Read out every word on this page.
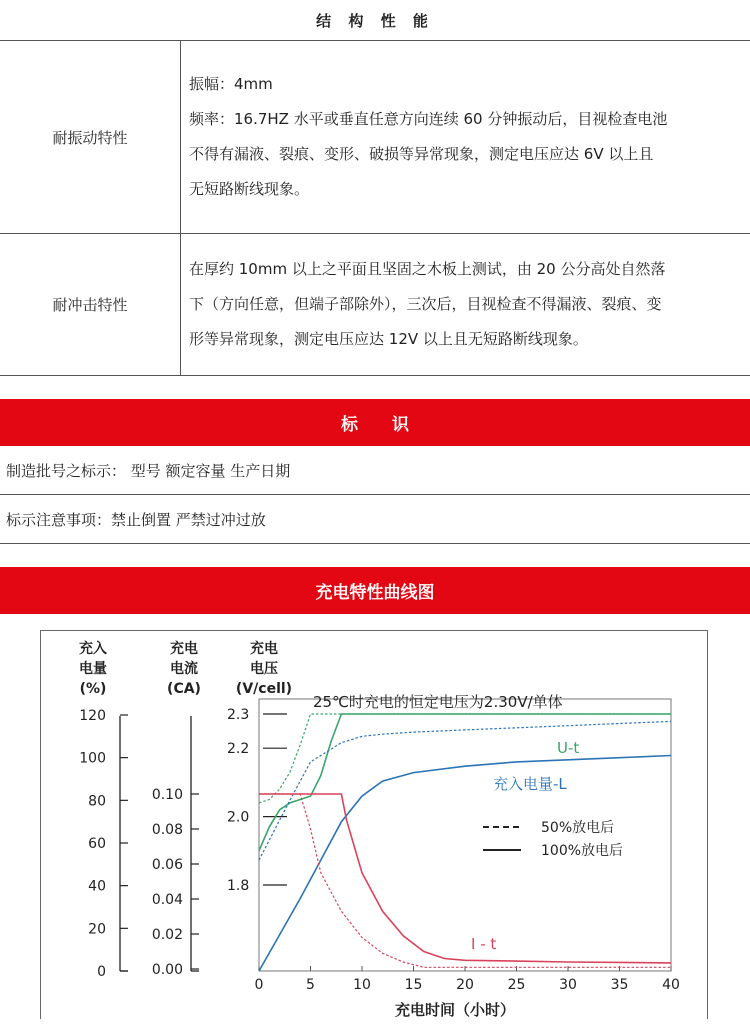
结 构 性 能
耐振动特性	振幅：4mm
频率：16.7HZ 水平或垂直任意方向连续 60 分钟振动后，目视检查电池
不得有漏液、裂痕、变形、破损等异常现象，测定电压应达 6V 以上且
无短路断线现象。

耐冲击特性	在厚约 10mm 以上之平面且坚固之木板上测试，由 20 公分高处自然落
下（方向任意，但端子部除外），三次后，目视检查不得漏液、裂痕、变
形等异常现象，测定电压应达 12V 以上且无短路断线现象。
标　　识
制造批号之标示： 型号 额定容量 生产日期
标示注意事项：禁止倒置 严禁过冲过放
充电特性曲线图
充入
电量
(%)
充电
电流
(CA)
充电
电压
(V/cell)
120
100
80
60
40
20
0
0.10
0.08
0.06
0.04
0.02
0.00
2.3
2.2
2.0
1.8
0	5	10 15 20 25 30 35 40
充电时间（小时）
25℃时充电的恒定电压为2.30V/单体
U-t
充入电量-L
I - t
50%放电后
100%放电后
